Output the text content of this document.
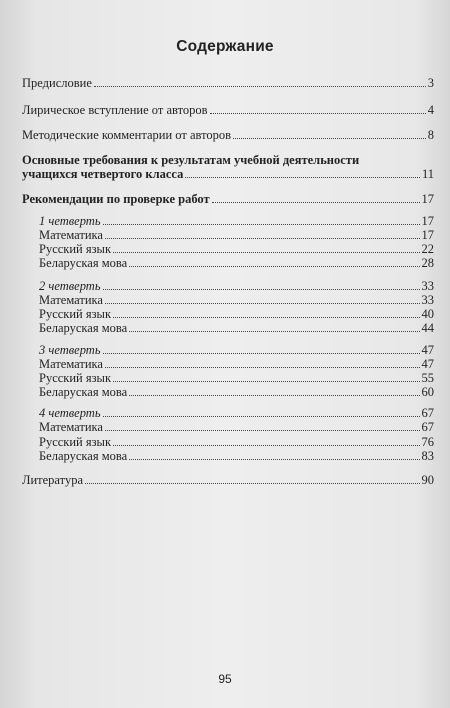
Содержание
Предисловие	3
Лирическое вступление от авторов	4
Методические комментарии от авторов	8
Основные требования к результатам учебной деятельности
учащихся четвертого класса	11
Рекомендации по проверке работ	17
1 четверть	17
Математика	17
Русский язык	22
Беларуская мова	28
2 четверть	33
Математика	33
Русский язык	40
Беларуская мова	44
3 четверть	47
Математика	47
Русский язык	55
Беларуская мова	60
4 четверть	67
Математика	67
Русский язык	76
Беларуская мова	83
Литература	90
95
